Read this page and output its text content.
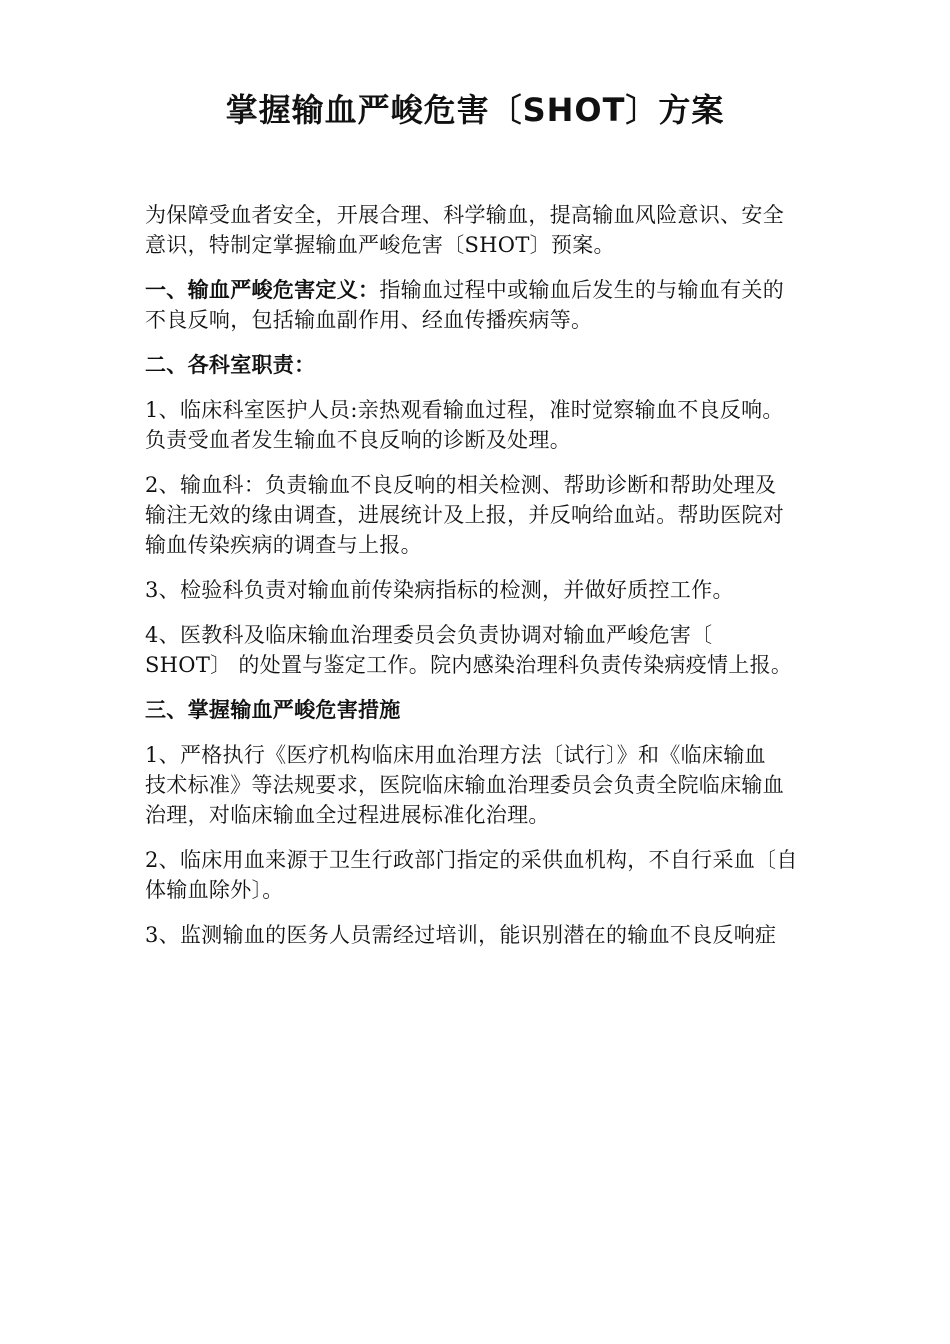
掌握输血严峻危害〔SHOT〕方案
为保障受血者安全，开展合理、科学输血，提高输血风险意识、安全
意识，特制定掌握输血严峻危害〔SHOT〕预案。
一、输血严峻危害定义：指输血过程中或输血后发生的与输血有关的
不良反响，包括输血副作用、经血传播疾病等。
二、各科室职责：
1、临床科室医护人员:亲热观看输血过程，准时觉察输血不良反响。
负责受血者发生输血不良反响的诊断及处理。
2、输血科：负责输血不良反响的相关检测、帮助诊断和帮助处理及
输注无效的缘由调查，进展统计及上报，并反响给血站。帮助医院对
输血传染疾病的调查与上报。
3、检验科负责对输血前传染病指标的检测，并做好质控工作。
4、医教科及临床输血治理委员会负责协调对输血严峻危害〔
SHOT〕 的处置与鉴定工作。院内感染治理科负责传染病疫情上报。
三、掌握输血严峻危害措施
1、严格执行《医疗机构临床用血治理方法〔试行〕》和《临床输血
技术标准》等法规要求，医院临床输血治理委员会负责全院临床输血
治理，对临床输血全过程进展标准化治理。
2、临床用血来源于卫生行政部门指定的采供血机构，不自行采血〔自
体输血除外〕。
3、监测输血的医务人员需经过培训，能识别潜在的输血不良反响症
